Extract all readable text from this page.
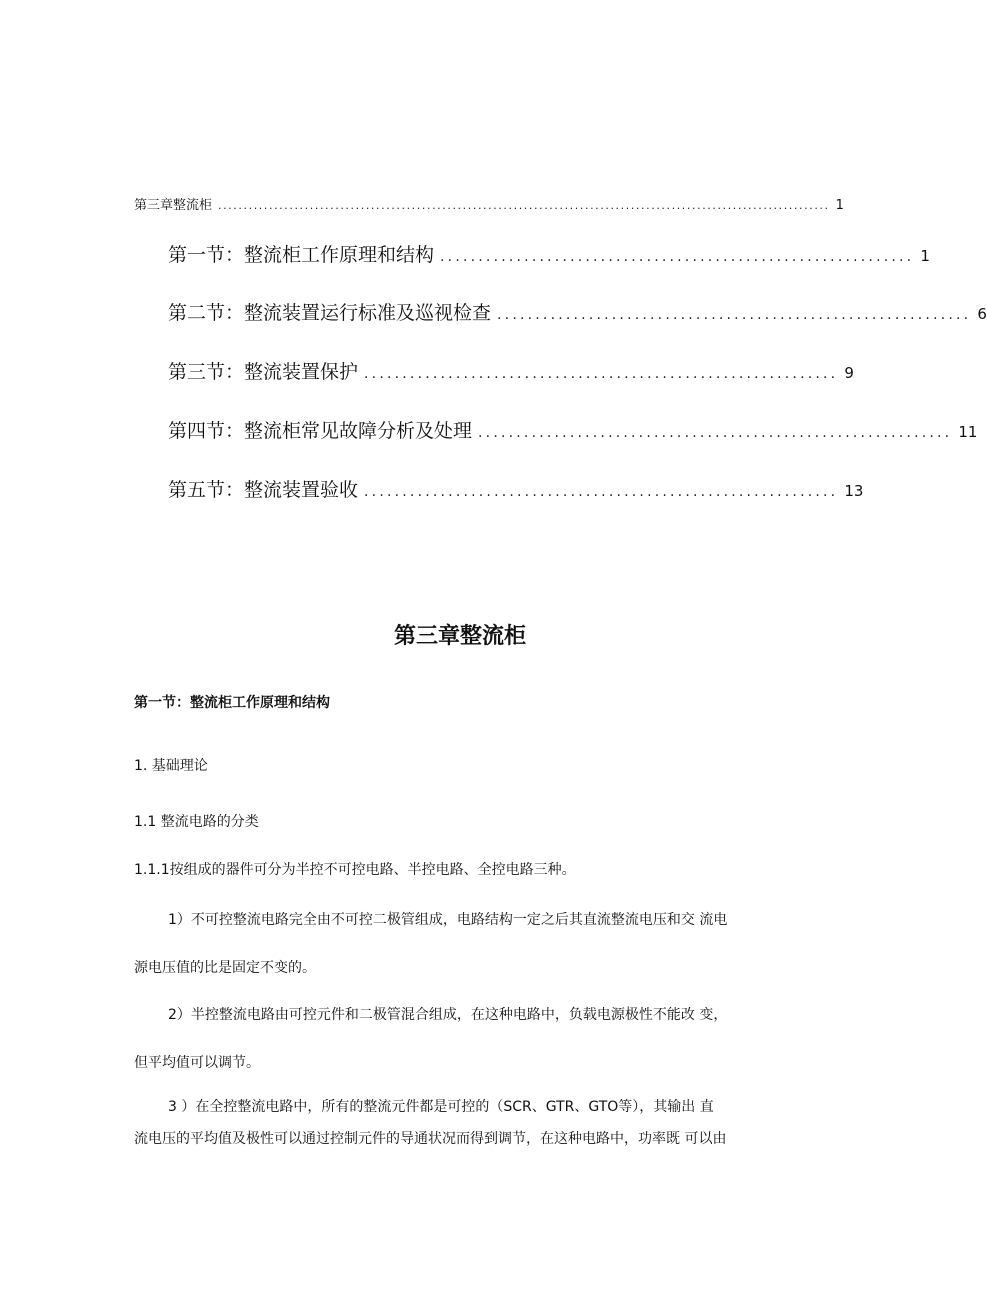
第三章整流柜 ........................................................................................................................ 1
第一节：整流柜工作原理和结构 .............................................................. 1
第二节：整流装置运行标准及巡视检查 .............................................................. 6
第三节：整流装置保护 .............................................................. 9
第四节：整流柜常见故障分析及处理 .............................................................. 11
第五节：整流装置验收 .............................................................. 13
第三章整流柜
第一节：整流柜工作原理和结构
1. 基础理论
1.1 整流电路的分类
1.1.1按组成的器件可分为半控不可控电路、半控电路、全控电路三种。
1）不可控整流电路完全由不可控二极管组成，电路结构一定之后其直流整流电压和交 流电
源电压值的比是固定不变的。
2）半控整流电路由可控元件和二极管混合组成，在这种电路中，负载电源极性不能改 变，
但平均值可以调节。
3 ）在全控整流电路中，所有的整流元件都是可控的（SCR、GTR、GTO等），其输出 直
流电压的平均值及极性可以通过控制元件的导通状况而得到调节，在这种电路中，功率既 可以由
